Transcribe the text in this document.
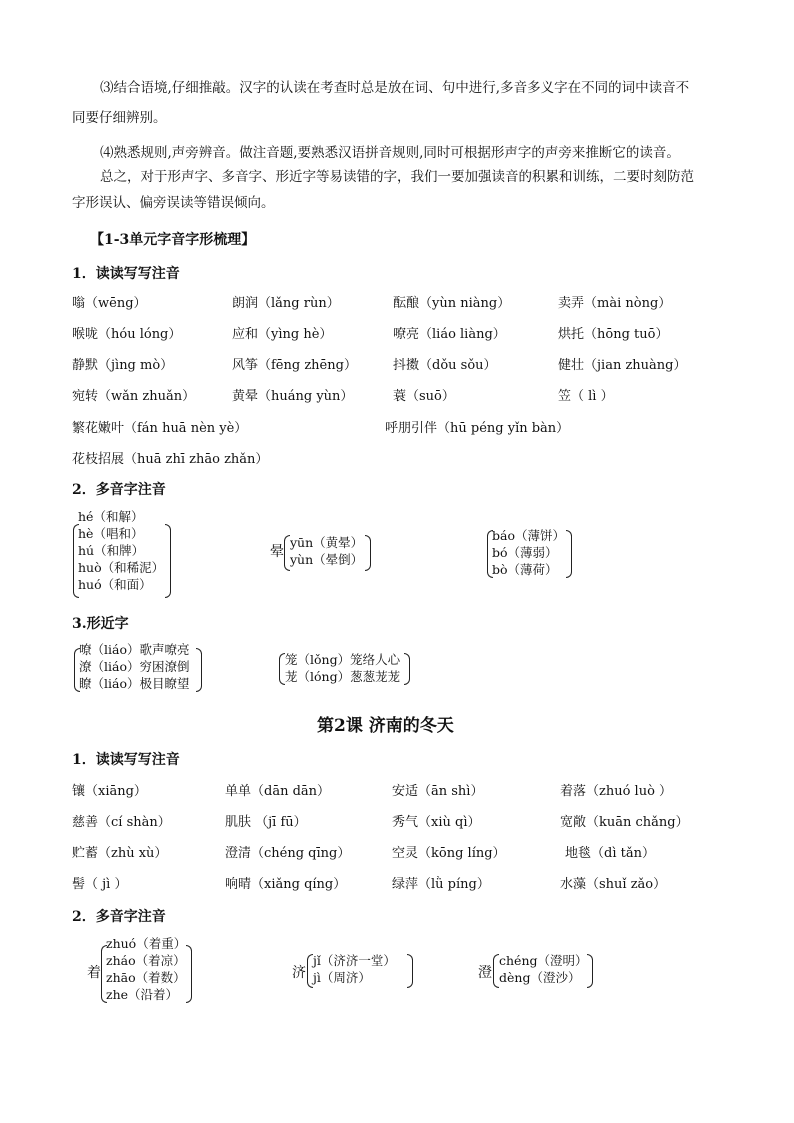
⑶结合语境,仔细推敲。汉字的认读在考查时总是放在词、句中进行,多音多义字在不同的词中读音不
同要仔细辨别。
⑷熟悉规则,声旁辨音。做注音题,要熟悉汉语拼音规则,同时可根据形声字的声旁来推断它的读音。
总之，对于形声字、多音字、形近字等易读错的字，我们一要加强读音的积累和训练，二要时刻防范
字形误认、偏旁误读等错误倾向。
【1-3单元字音字形梳理】
1．读读写写注音
嗡（wēng）	朗润（lǎng rùn）	酝酿（yùn niàng）	卖弄（mài nòng）
喉咙（hóu lóng）	应和（yìng hè）	嘹亮（liáo liàng）	烘托（hōng tuō）
静默（jìng mò）	风筝（fēng zhēng）	抖擞（dǒu sǒu）	健壮（jian zhuàng）
宛转（wǎn zhuǎn）	黄晕（huáng yùn）	蓑（suō）	笠（ lì ）
繁花嫩叶（fán huā nèn yè）	呼朋引伴（hū péng yǐn bàn）
花枝招展（huā zhī zhāo zhǎn）
2．多音字注音
hé（和解）
hè（唱和）
hú（和牌）
huò（和稀泥）
huó（和面）
晕
yūn（黄晕）
yùn（晕倒）
báo（薄饼）
bó（薄弱）
bò（薄荷）
3.形近字
嘹（liáo）歌声嘹亮
潦（liáo）穷困潦倒
瞭（liáo）极目瞭望
笼（lǒng）笼络人心
茏（lóng）葱葱茏茏
第2课 济南的冬天
1．读读写写注音
镶（xiāng）	单单（dān dān）	安适（ān shì）	着落（zhuó luò ）
慈善（cí shàn）	肌肤 （jī fū）	秀气（xiù qì）	宽敞（kuān chǎng）
贮蓄（zhù xù）	澄清（chéng qīng）	空灵（kōng líng）	地毯（dì tǎn）
髻（ jì ）	响晴（xiǎng qíng）	绿萍（lǜ píng）	水藻（shuǐ zǎo）
2．多音字注音
着
zhuó（着重）
zháo（着凉）
zhāo（着数）
zhe（沿着）
济
jǐ（济济一堂）
jì（周济）	澄
chéng（澄明）
dèng（澄沙）
